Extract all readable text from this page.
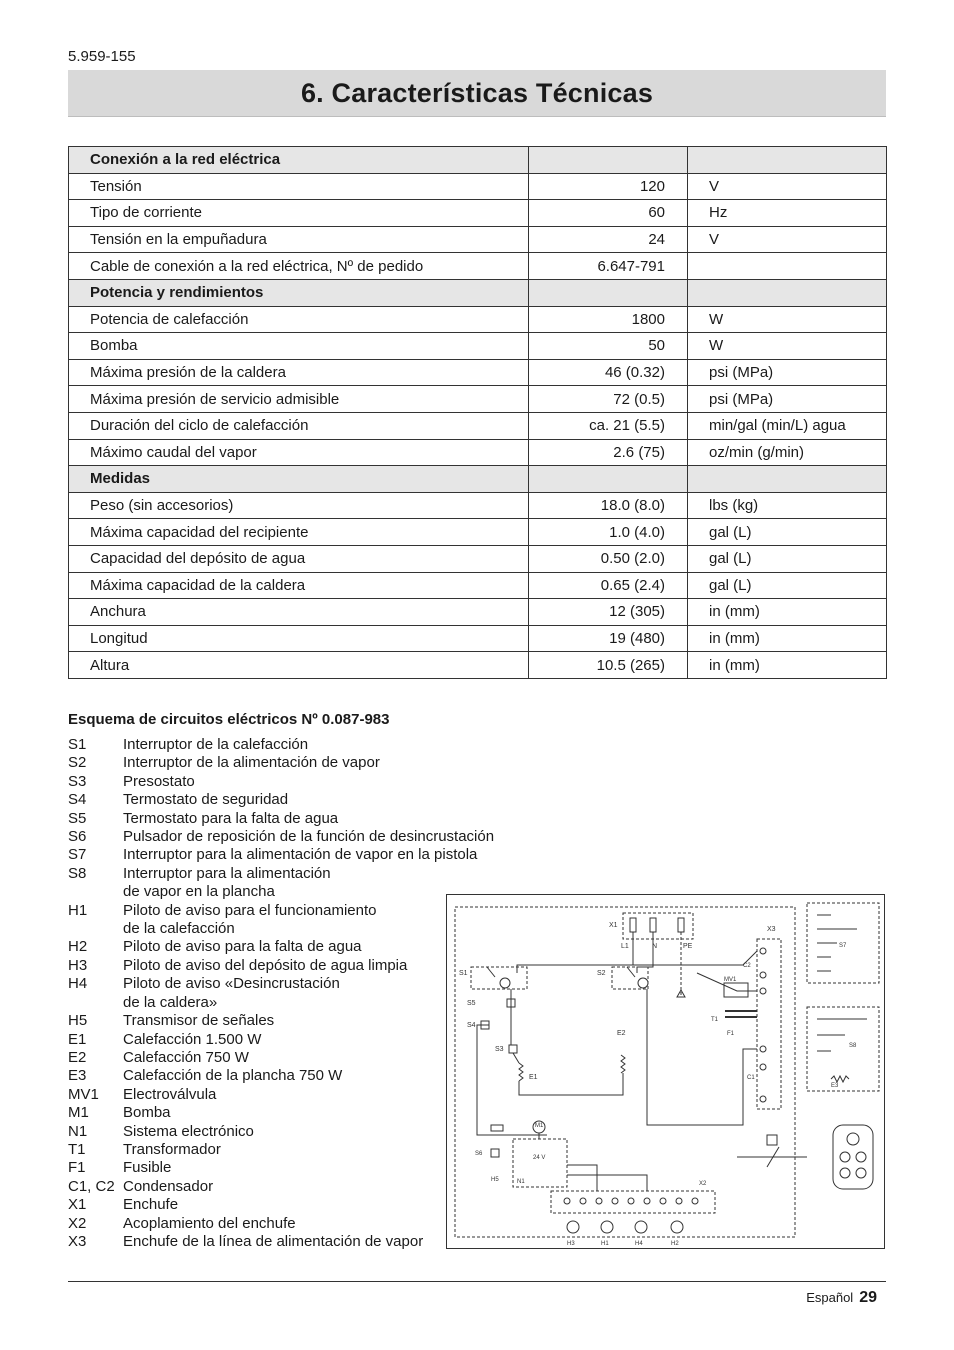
5.959-155
6. Características Técnicas
Conexión a la red eléctrica		
Tensión	120	V
Tipo de corriente	60	Hz
Tensión en la empuñadura	24	V
Cable de conexión a la red eléctrica, Nº de pedido	6.647-791	
Potencia y rendimientos		
Potencia de calefacción	1800	W
Bomba	50	W
Máxima presión de la caldera	46 (0.32)	psi (MPa)
Máxima presión de servicio admisible	72 (0.5)	psi (MPa)
Duración del ciclo de calefacción	ca. 21 (5.5)	min/gal (min/L) agua
Máximo caudal del vapor	2.6 (75)	oz/min (g/min)
Medidas		
Peso (sin accesorios)	18.0 (8.0)	lbs (kg)
Máxima capacidad del recipiente	1.0 (4.0)	gal (L)
Capacidad del depósito de agua	0.50 (2.0)	gal (L)
Máxima capacidad de la caldera	0.65 (2.4)	gal (L)
Anchura	12 (305)	in (mm)
Longitud	19 (480)	in (mm)
Altura	10.5 (265)	in (mm)
Esquema de circuitos eléctricos Nº 0.087-983
S1	Interruptor de la calefacción
S2	Interruptor de la alimentación de vapor
S3	Presostato
S4	Termostato de seguridad
S5	Termostato para la falta de agua
S6	Pulsador de reposición de la función de desincrustación
S7	Interruptor para la alimentación de vapor en la pistola
S8	Interruptor para la alimentación
de vapor en la plancha
H1	Piloto de aviso para el funcionamiento
de la calefacción
H2	Piloto de aviso para la falta de agua
H3	Piloto de aviso del depósito de agua limpia
H4	Piloto de aviso «Desincrustación
de la caldera»
H5	Transmisor de señales
E1	Calefacción 1.500 W
E2	Calefacción 750 W
E3	Calefacción de la plancha 750 W
MV1	Electroválvula
M1	Bomba
N1	Sistema electrónico
T1	Transformador
F1	Fusible
C1, C2 Condensador
X1	Enchufe
X2	Acoplamiento del enchufe
X3	Enchufe de la línea de alimentación de vapor
X1
L1	N	PE
S1	S2
X3
MV1
T1
F1
C2
C1
S5
S4
S3
E1
E2
M1
24 V
N1
S6
H5
X2
H3	H1	H4	H2
S7
S8
E3
Español 29
